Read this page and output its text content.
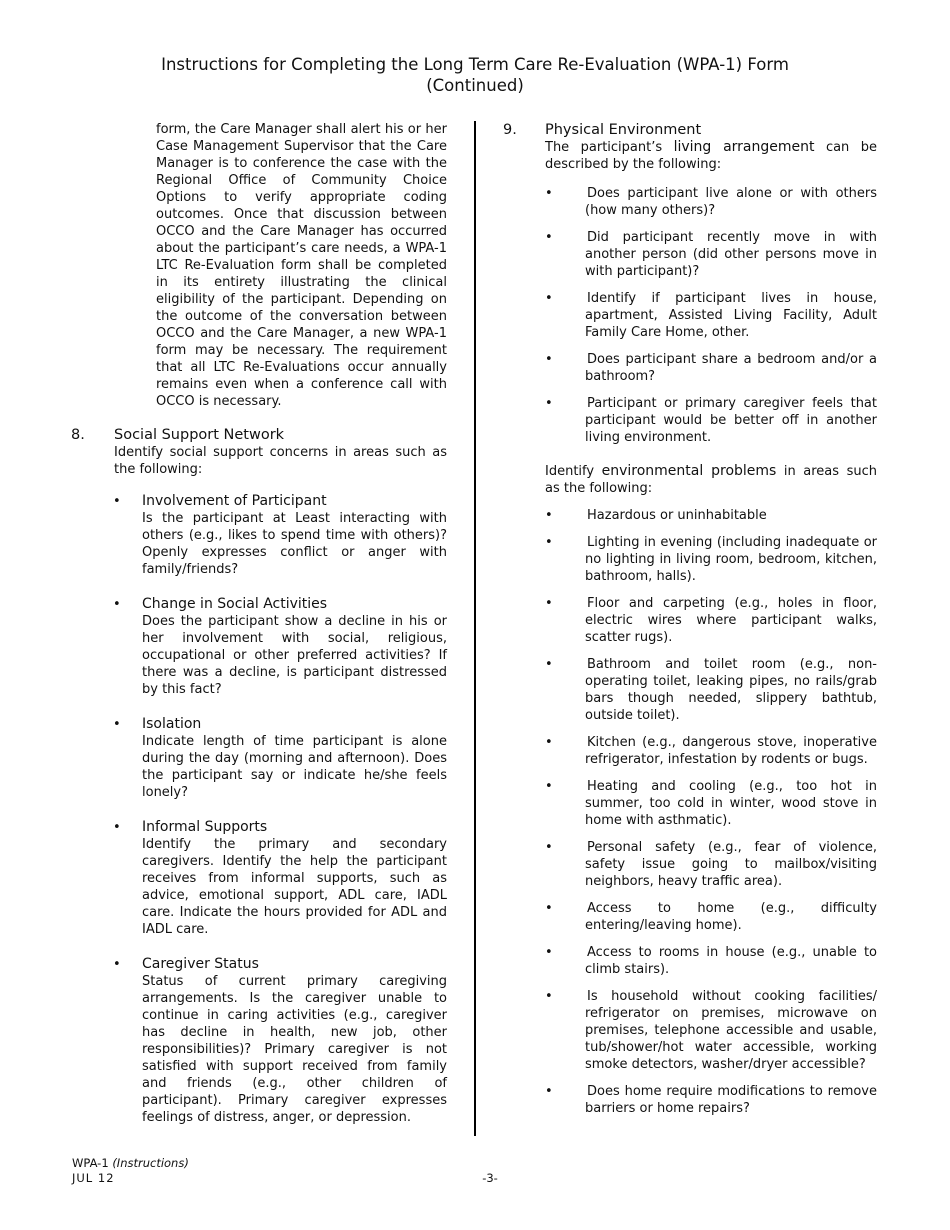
Instructions for Completing the Long Term Care Re-Evaluation (WPA-1) Form
(Continued)
form, the Care Manager shall alert his or her Case Management Supervisor that the Care Manager is to conference the case with the Regional Office of Community Choice Options to verify appropriate coding outcomes. Once that discussion between OCCO and the Care Manager has occurred about the participant’s care needs, a WPA-1 LTC Re-Evaluation form shall be completed in its entirety illustrating the clinical eligibility of the participant. Depending on the outcome of the conversation between OCCO and the Care Manager, a new WPA-1 form may be necessary. The requirement that all LTC Re-Evaluations occur annually remains even when a conference call with OCCO is necessary.
8.	Social Support Network
Identify social support concerns in areas such as the following:
• Involvement of Participant
Is the participant at Least interacting with others (e.g., likes to spend time with others)? Openly expresses conflict or anger with family/friends?
• Change in Social Activities
Does the participant show a decline in his or her involvement with social, religious, occupational or other preferred activities? If there was a decline, is participant distressed by this fact?
• Isolation
Indicate length of time participant is alone during the day (morning and afternoon). Does the participant say or indicate he/she feels lonely?
• Informal Supports
Identify the primary and secondary caregivers. Identify the help the participant receives from informal supports, such as advice, emotional support, ADL care, IADL care. Indicate the hours provided for ADL and IADL care.
• Caregiver Status
Status of current primary caregiving arrangements. Is the caregiver unable to continue in caring activities (e.g., caregiver has decline in health, new job, other responsibilities)? Primary caregiver is not satisfied with support received from family and friends (e.g., other children of participant). Primary caregiver expresses feelings of distress, anger, or depression.
9.	Physical Environment
The participant’s living arrangement can be described by the following:
•	Does participant live alone or with others (how many others)?
•	Did participant recently move in with another person (did other persons move in with participant)?
•	Identify if participant lives in house, apartment, Assisted Living Facility, Adult Family Care Home, other.
•	Does participant share a bedroom and/or a bathroom?
•	Participant or primary caregiver feels that participant would be better off in another living environment.
Identify environmental problems in areas such as the following:
•	Hazardous or uninhabitable
•	Lighting in evening (including inadequate or no lighting in living room, bedroom, kitchen, bathroom, halls).
•	Floor and carpeting (e.g., holes in floor, electric wires where participant walks, scatter rugs).
•	Bathroom and toilet room (e.g., non-operating toilet, leaking pipes, no rails/grab bars though needed, slippery bathtub, outside toilet).
•	Kitchen (e.g., dangerous stove, inoperative refrigerator, infestation by rodents or bugs.
•	Heating and cooling (e.g., too hot in summer, too cold in winter, wood stove in home with asthmatic).
•	Personal safety (e.g., fear of violence, safety issue going to mailbox/visiting neighbors, heavy traffic area).
•	Access to home (e.g., difficulty entering/leaving home).
•	Access to rooms in house (e.g., unable to climb stairs).
•	Is household without cooking facilities/ refrigerator on premises, microwave on premises, telephone accessible and usable, tub/shower/hot water accessible, working smoke detectors, washer/dryer accessible?
•	Does home require modifications to remove barriers or home repairs?
WPA-1 (Instructions)
JUL 12	-3-
